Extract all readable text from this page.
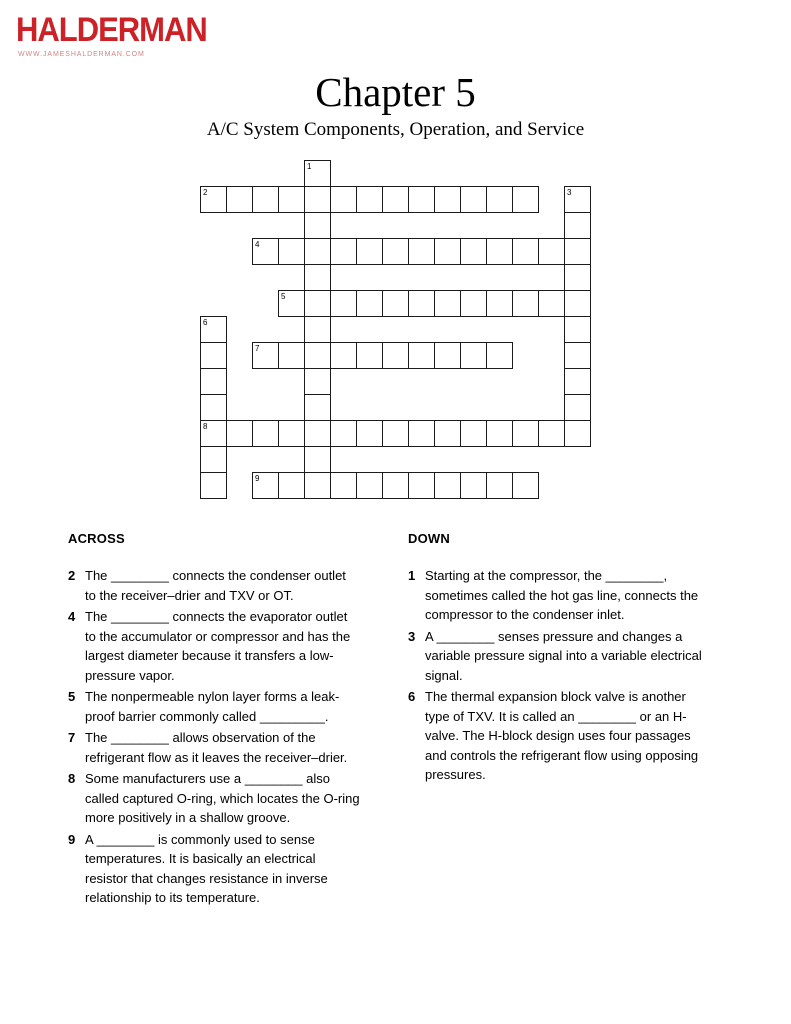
HALDERMAN
WWW.JAMESHALDERMAN.COM
Chapter 5
A/C System Components, Operation, and Service
1
2	3
4
5
6
8
7
9
ACROSS
2 The ________ connects the condenser outlet to the receiver–drier and TXV or OT.
4 The ________ connects the evaporator outlet to the accumulator or compressor and has the largest diameter because it transfers a low-pressure vapor.
5 The nonpermeable nylon layer forms a leak-proof barrier commonly called _________.
7 The ________ allows observation of the refrigerant flow as it leaves the receiver–drier.
8 Some manufacturers use a ________ also called captured O-ring, which locates the O-ring more positively in a shallow groove.
9 A ________ is commonly used to sense temperatures. It is basically an electrical resistor that changes resistance in inverse relationship to its temperature.
DOWN
1 Starting at the compressor, the ________, sometimes called the hot gas line, connects the compressor to the condenser inlet.
3 A ________ senses pressure and changes a variable pressure signal into a variable electrical signal.
6 The thermal expansion block valve is another type of TXV. It is called an ________ or an H-valve. The H-block design uses four passages and controls the refrigerant flow using opposing pressures.
